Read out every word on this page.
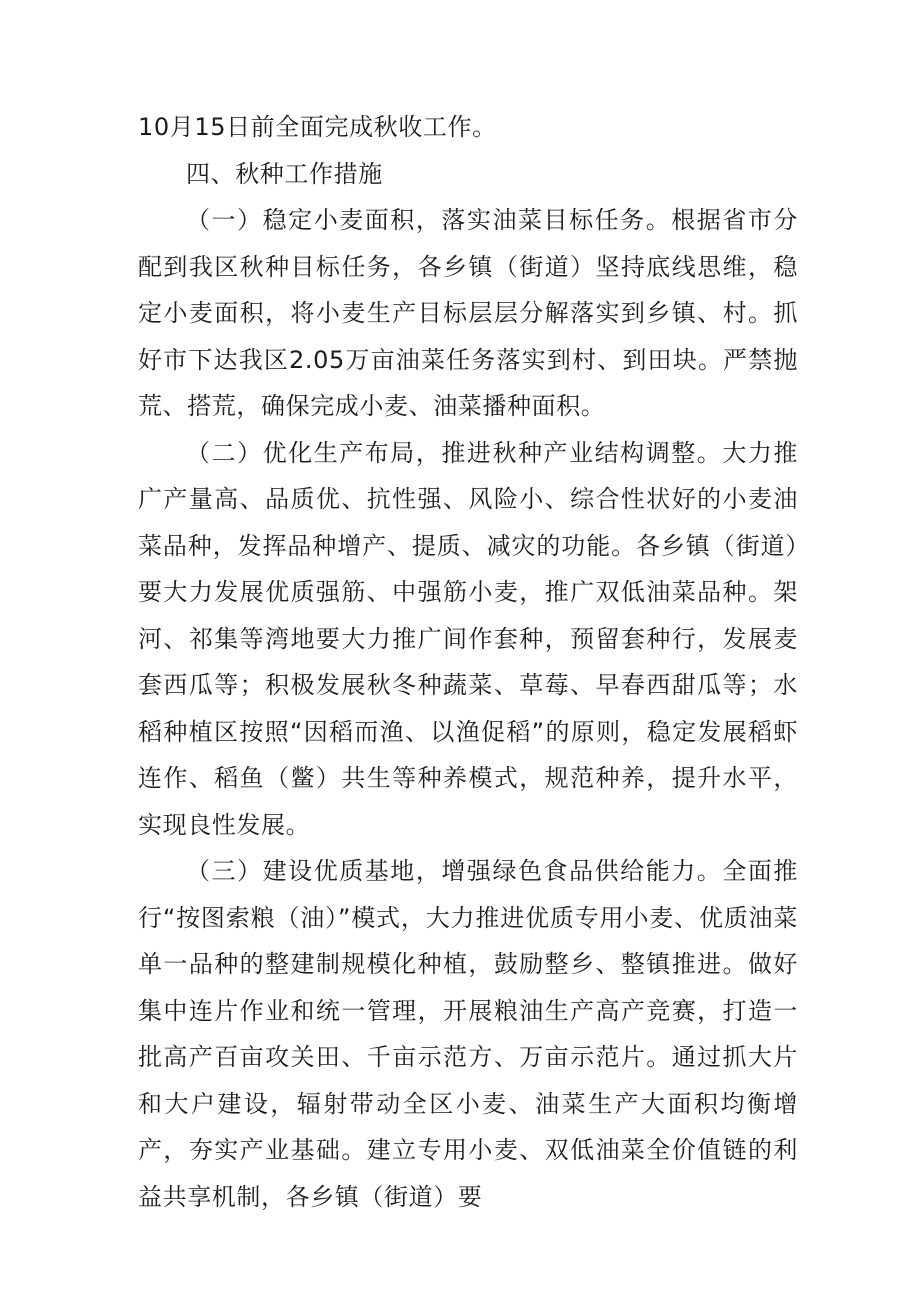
10月15日前全面完成秋收工作。

四、秋种工作措施

（一）稳定小麦面积，落实油菜目标任务。根据省市分配到我区秋种目标任务，各乡镇（街道）坚持底线思维，稳定小麦面积，将小麦生产目标层层分解落实到乡镇、村。抓好市下达我区2.05万亩油菜任务落实到村、到田块。严禁抛荒、搭荒，确保完成小麦、油菜播种面积。

（二）优化生产布局，推进秋种产业结构调整。大力推广产量高、品质优、抗性强、风险小、综合性状好的小麦油菜品种，发挥品种增产、提质、减灾的功能。各乡镇（街道）要大力发展优质强筋、中强筋小麦，推广双低油菜品种。架河、祁集等湾地要大力推广间作套种，预留套种行，发展麦套西瓜等；积极发展秋冬种蔬菜、草莓、早春西甜瓜等；水稻种植区按照“因稻而渔、以渔促稻”的原则，稳定发展稻虾连作、稻鱼（鳖）共生等种养模式，规范种养，提升水平，实现良性发展。

（三）建设优质基地，增强绿色食品供给能力。全面推行“按图索粮（油）”模式，大力推进优质专用小麦、优质油菜单一品种的整建制规模化种植，鼓励整乡、整镇推进。做好集中连片作业和统一管理，开展粮油生产高产竞赛，打造一批高产百亩攻关田、千亩示范方、万亩示范片。通过抓大片和大户建设，辐射带动全区小麦、油菜生产大面积均衡增产，夯实产业基础。建立专用小麦、双低油菜全价值链的利益共享机制，各乡镇（街道）要
